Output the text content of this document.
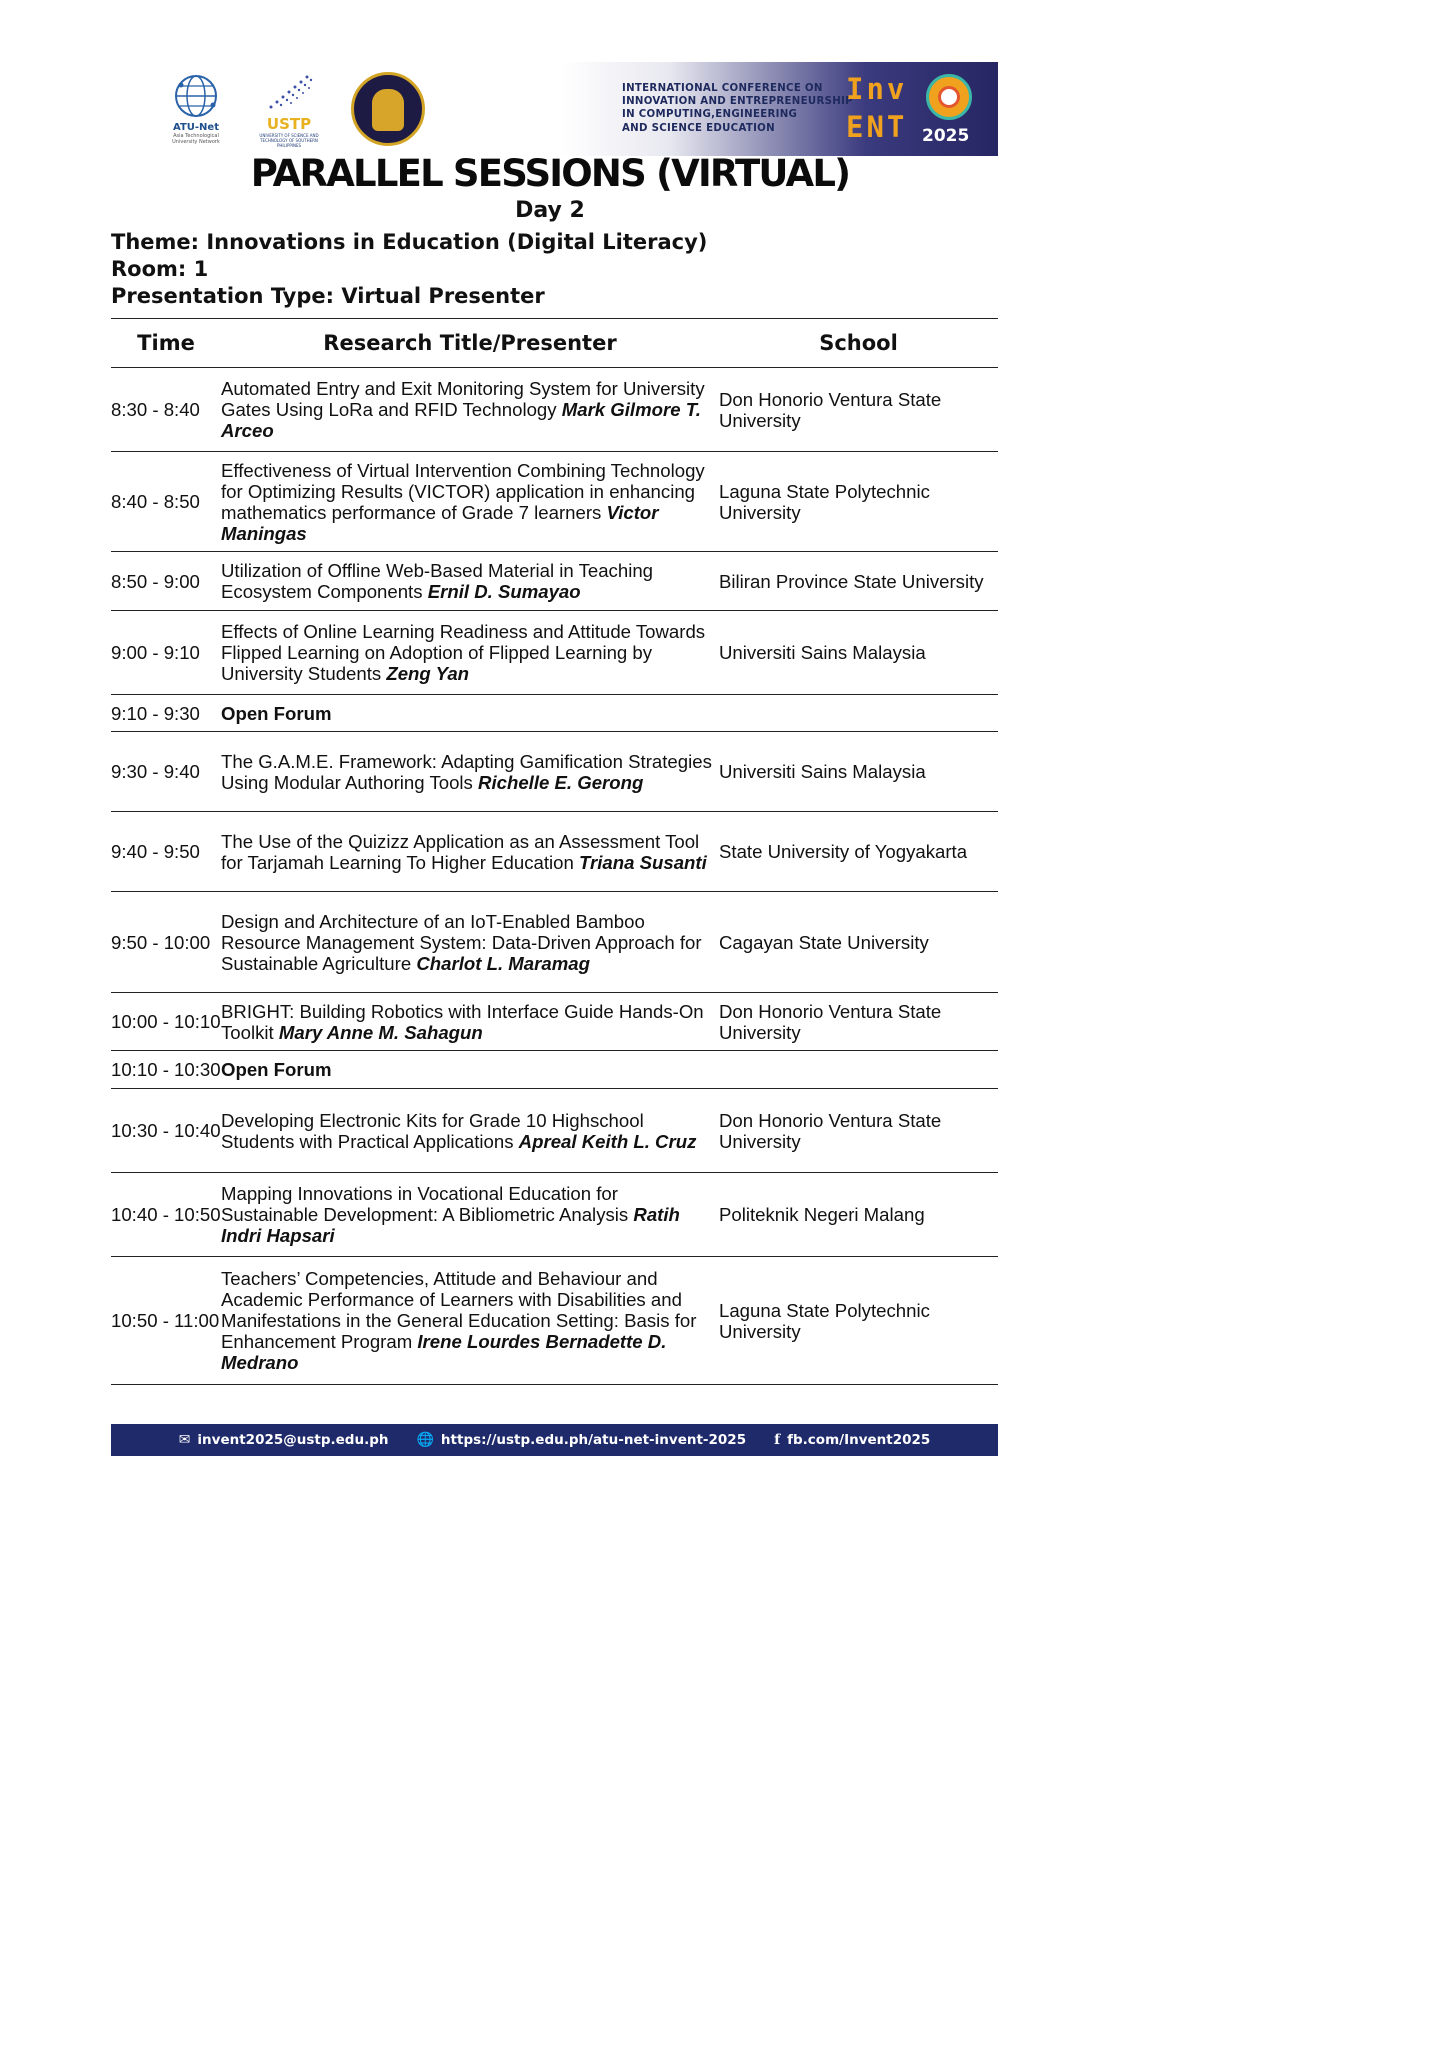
ATU-Net
Asia Technological University Network
USTP
UNIVERSITY OF SCIENCE AND TECHNOLOGY OF SOUTHERN PHILIPPINES
INTERNATIONAL CONFERENCE ON
INNOVATION AND ENTREPRENEURSHIP
IN COMPUTING,ENGINEERING
AND SCIENCE EDUCATION
Inv
ENT 2025
PARALLEL SESSIONS (VIRTUAL)
Day 2
Theme: Innovations in Education (Digital Literacy)
Room: 1
Presentation Type: Virtual Presenter
Time	Research Title/Presenter	School
8:30 - 8:40	Automated Entry and Exit Monitoring System for University Gates Using LoRa and RFID Technology Mark Gilmore T. Arceo	Don Honorio Ventura State University
8:40 - 8:50	Effectiveness of Virtual Intervention Combining Technology for Optimizing Results (VICTOR) application in enhancing mathematics performance of Grade 7 learners Victor Maningas	Laguna State Polytechnic University
8:50 - 9:00	Utilization of Offline Web-Based Material in Teaching Ecosystem Components Ernil D. Sumayao	Biliran Province State University
9:00 - 9:10	Effects of Online Learning Readiness and Attitude Towards Flipped Learning on Adoption of Flipped Learning by University Students Zeng Yan	Universiti Sains Malaysia
9:10 - 9:30	Open Forum	
9:30 - 9:40	The G.A.M.E. Framework: Adapting Gamification Strategies Using Modular Authoring Tools Richelle E. Gerong	Universiti Sains Malaysia
9:40 - 9:50	The Use of the Quizizz Application as an Assessment Tool for Tarjamah Learning To Higher Education Triana Susanti	State University of Yogyakarta
9:50 - 10:00	Design and Architecture of an IoT-Enabled Bamboo Resource Management System: Data-Driven Approach for Sustainable Agriculture Charlot L. Maramag	Cagayan State University
10:00 - 10:10	BRIGHT: Building Robotics with Interface Guide Hands-On Toolkit Mary Anne M. Sahagun	Don Honorio Ventura State University
10:10 - 10:30	Open Forum	
10:30 - 10:40	Developing Electronic Kits for Grade 10 Highschool Students with Practical Applications Apreal Keith L. Cruz	Don Honorio Ventura State University
10:40 - 10:50	Mapping Innovations in Vocational Education for Sustainable Development: A Bibliometric Analysis Ratih Indri Hapsari	Politeknik Negeri Malang
10:50 - 11:00	Teachers’ Competencies, Attitude and Behaviour and Academic Performance of Learners with Disabilities and Manifestations in the General Education Setting: Basis for Enhancement Program Irene Lourdes Bernadette D. Medrano	Laguna State Polytechnic University
✉ invent2025@ustp.edu.ph 🌐 https://ustp.edu.ph/atu-net-invent-2025 f fb.com/Invent2025
